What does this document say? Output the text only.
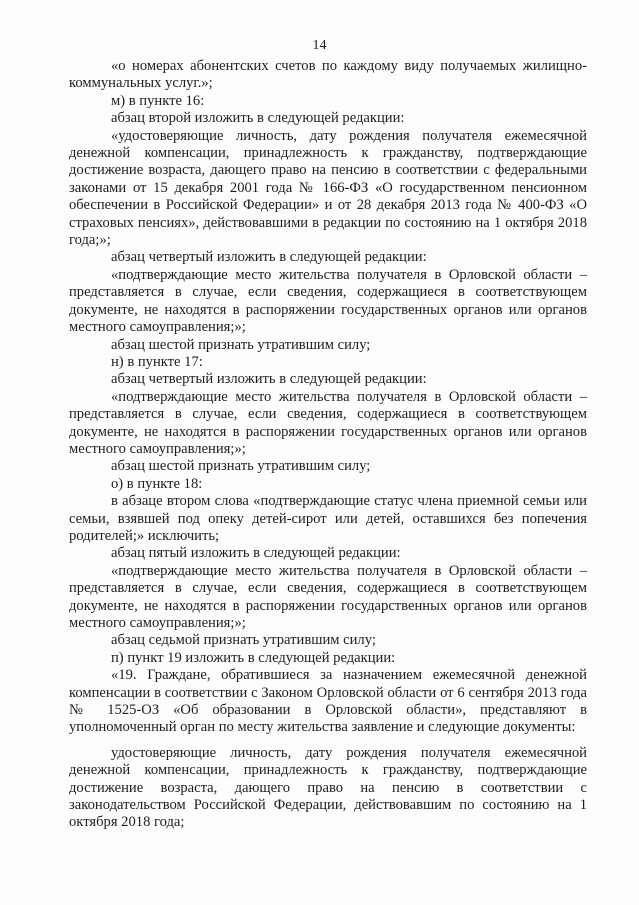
14

«о номерах абонентских счетов по каждому виду получаемых жилищно-коммунальных услуг.»;

м) в пункте 16:

абзац второй изложить в следующей редакции:

«удостоверяющие личность, дату рождения получателя ежемесячной денежной компенсации, принадлежность к гражданству, подтверждающие достижение возраста, дающего право на пенсию в соответствии с федеральными законами от 15 декабря 2001 года № 166-ФЗ «О государственном пенсионном обеспечении в Российской Федерации» и от 28 декабря 2013 года № 400-ФЗ «О страховых пенсиях», действовавшими в редакции по состоянию на 1 октября 2018 года;»;

абзац четвертый изложить в следующей редакции:

«подтверждающие место жительства получателя в Орловской области – представляется в случае, если сведения, содержащиеся в соответствующем документе, не находятся в распоряжении государственных органов или органов местного самоуправления;»;

абзац шестой признать утратившим силу;

н) в пункте 17:

абзац четвертый изложить в следующей редакции:

«подтверждающие место жительства получателя в Орловской области – представляется в случае, если сведения, содержащиеся в соответствующем документе, не находятся в распоряжении государственных органов или органов местного самоуправления;»;

абзац шестой признать утратившим силу;

о) в пункте 18:

в абзаце втором слова «подтверждающие статус члена приемной семьи или семьи, взявшей под опеку детей-сирот или детей, оставшихся без попечения родителей;» исключить;

абзац пятый изложить в следующей редакции:

«подтверждающие место жительства получателя в Орловской области – представляется в случае, если сведения, содержащиеся в соответствующем документе, не находятся в распоряжении государственных органов или органов местного самоуправления;»;

абзац седьмой признать утратившим силу;

п) пункт 19 изложить в следующей редакции:

«19. Граждане, обратившиеся за назначением ежемесячной денежной компенсации в соответствии с Законом Орловской области от 6 сентября 2013 года № 1525-ОЗ «Об образовании в Орловской области», представляют в уполномоченный орган по месту жительства заявление и следующие документы:

удостоверяющие личность, дату рождения получателя ежемесячной денежной компенсации, принадлежность к гражданству, подтверждающие достижение возраста, дающего право на пенсию в соответствии с законодательством Российской Федерации, действовавшим по состоянию на 1 октября 2018 года;
